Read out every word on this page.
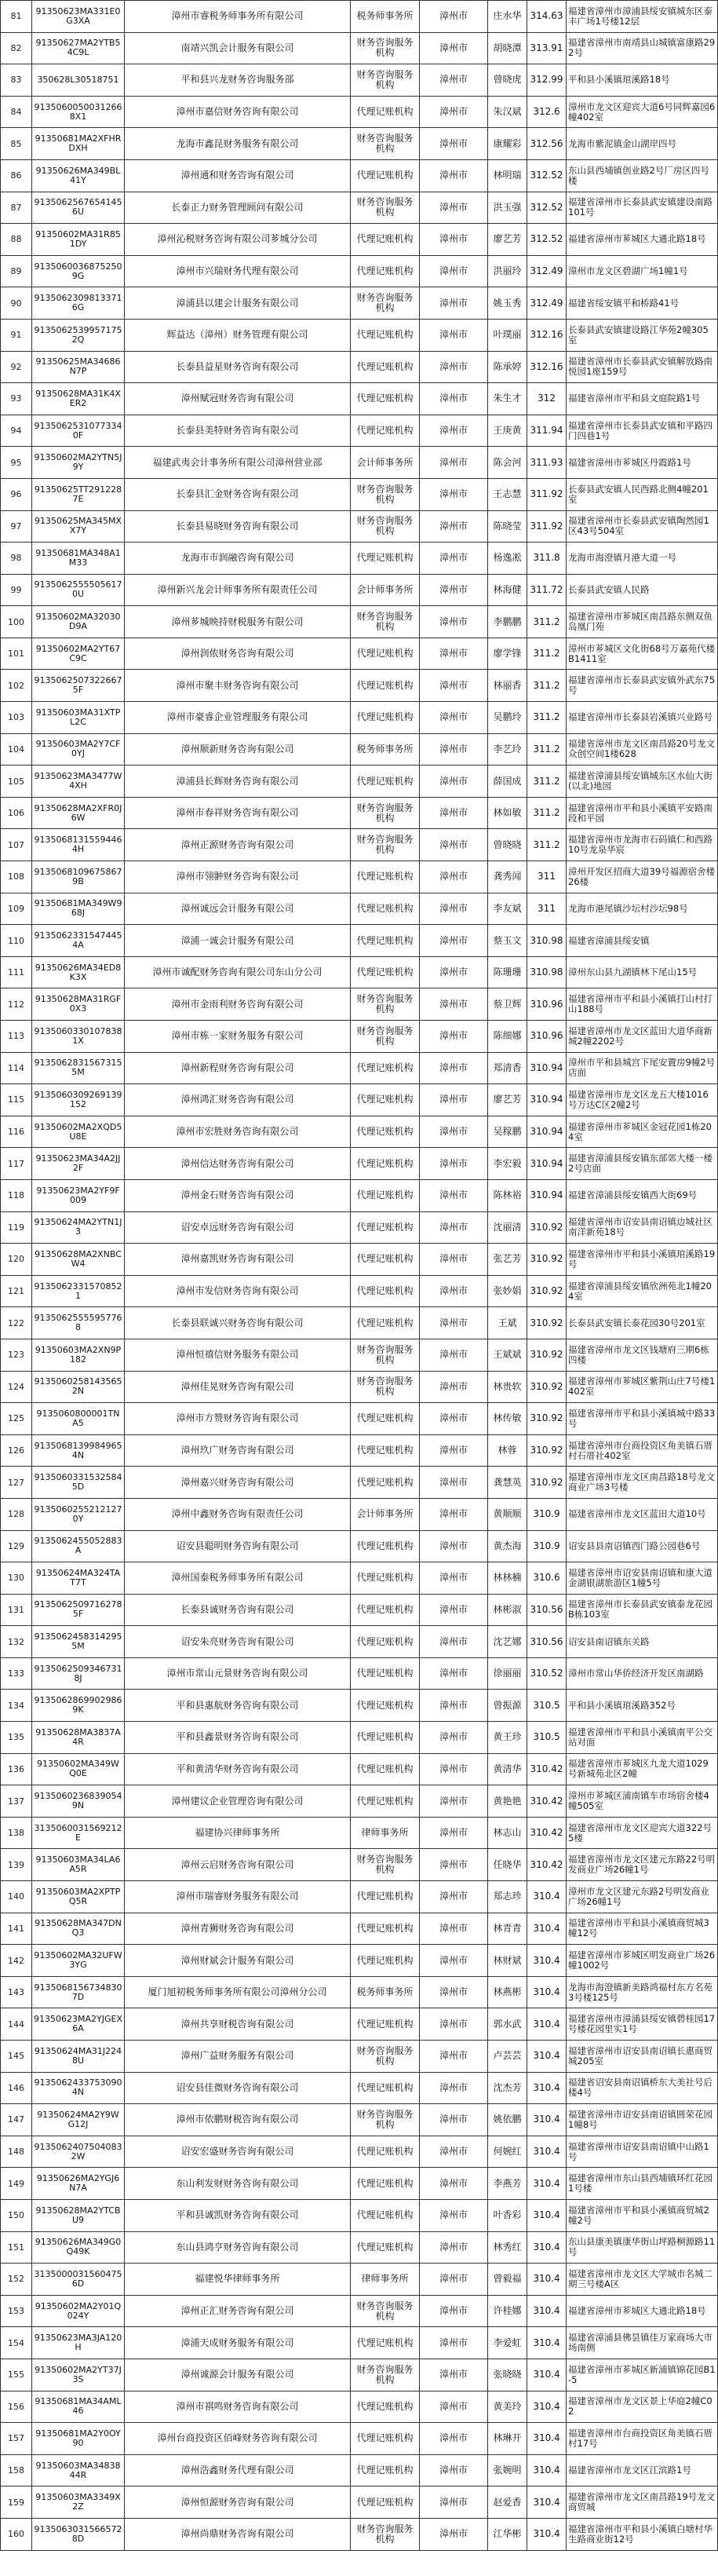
81	91350623MA331E0G3XA	漳州市睿税务师事务所有限公司	税务师事务所	漳州市	庄水华	314.63	福建省漳州市漳浦县绥安镇城东区泰丰广场1号楼12层
82	91350627MA2YTB54C9L	南靖兴凯会计服务有限公司	财务咨询服务机构	漳州市	胡晓潭	313.91	福建省漳州市南靖县山城镇富康路292号
83	350628L30518751	平和县兴龙财务咨询服务部	财务咨询服务机构	漳州市	曾晓虎	312.99	平和县小溪镇琯溪路18号
84	91350600500312668X1	漳州市嘉信财务咨询有限公司	代理记账机构	漳州市	朱汉斌	312.6	漳州市龙文区迎宾大道6号同辉嘉园6幢402室
85	91350681MA2XFHRDXH	龙海市鑫昆财务服务有限公司	财务咨询服务机构	漳州市	康耀彩	312.56	龙海市紫泥镇金山湖岸四号
86	91350626MA349BL41Y	漳州通和财务咨询有限公司	代理记账机构	漳州市	林明瑞	312.52	东山县西埔镇创业路2号厂房区四号楼
87	91350625676541456U	长泰正力财务管理顾问有限公司	财务咨询服务机构	漳州市	洪玉强	312.52	福建省漳州市长泰县武安镇建设南路101号
88	91350602MA31R851DY	漳州沁税财务咨询有限公司芗城分公司	代理记账机构	漳州市	廖艺芳	312.52	福建省漳州市芗城区大通北路18号
89	91350600368752509G	漳州市兴瑞财务代理有限公司	代理记账机构	漳州市	洪丽玲	312.49	漳州市龙文区碧湖广场1幢1号
90	91350623098133716G	漳浦县以建会计服务有限公司	财务咨询服务机构	漳州市	姚玉秀	312.49	福建省绥安镇平和桥路41号
91	91350625399571752Q	辉益达（漳州）财务管理有限公司	代理记账机构	漳州市	叶璞丽	312.16	长泰县武安镇建设路江华苑2幢305室
92	91350625MA34686N7P	长泰县益星财务咨询有限公司	代理记账机构	漳州市	陈承婷	312.16	福建省漳州市长泰县武安镇解放路南悦园1座159号
93	91350628MA31K4XER2	漳州赋冠财务咨询有限公司	代理记账机构	漳州市	朱生才	312	福建省漳州市平和县文庭院路1号
94	91350625310773340F	长泰县美特财务咨询有限公司	代理记账机构	漳州市	王庚黄	311.94	福建省漳州市长泰县武安镇和平路四门四巷1号
95	91350602MA2YTN5J9Y	福建武夷会计事务所有限公司漳州营业部	会计师事务所	漳州市	陈会河	311.93	福建省漳州市芗城区丹霞路1号
96	91350625TT2912287E	长泰县汇金财务咨询有限公司	财务咨询服务机构	漳州市	王志慧	311.92	长泰县武安镇人民西路北侧4幢201室
97	91350625MA345MXX7Y	长泰县易晓财务咨询有限公司	财务咨询服务机构	漳州市	陈晓莹	311.92	福建省漳州市长泰县武安镇陶然园1区43号504室
98	91350681MA348A1M33	龙海市市润融咨询有限公司	代理记账机构	漳州市	杨逸凇	311.8	龙海市海澄镇月港大道一号
99	91350625555056170U	漳州新兴龙会计师事务所有限责任公司	会计师事务所	漳州市	林海健	311.72	长泰县武安镇人民路
100	91350602MA32030D9A	漳州芗城映持财税服务有限公司	财务咨询服务机构	漳州市	李鹏鹏	311.2	福建省漳州市芗城区南昌路东侧双鱼岛凰门苑
101	91350602MA2YT67C9C	漳州润侬财务咨询有限公司	代理记账机构	漳州市	廖学锋	311.2	漳州市芗城区文化街68号万嘉苑代楼B1411室
102	91350625073226675F	漳州市聚丰财务咨询有限公司	代理记账机构	漳州市	林丽香	311.2	福建省漳州市长泰县武安镇外武东75号
103	91350603MA31XTPL2C	漳州市豪睿企业管理服务有限公司	代理记账机构	漳州市	吴鹏玲	311.2	福建省漳州市长泰县岩溪镇兴业路号
104	91350603MA2Y7CF0YJ	漳州顺新财务咨询有限公司	税务师事务所	漳州市	李艺玲	311.2	福建省漳州市龙文区南昌路20号龙文众创空间1楼628
105	91350623MA3477W4XH	漳浦县长辉财务咨询有限公司	代理记账机构	漳州市	薛国成	311.2	福建省漳浦县绥安镇城东区水仙大街(以北)地园
106	91350628MA2XFR0J6W	漳州市春祥财务咨询有限公司	财务咨询服务机构	漳州市	林如敏	311.2	福建省漳州市平和县小溪镇平安路南段和平园
107	91350681315594464H	漳州正源财务咨询有限公司	财务咨询服务机构	漳州市	曾晓晓	311.2	福建省漳州市龙海市石码镇仁和西路10号龙泉华宸
108	91350681096758679B	漳州市翎翀财务咨询有限公司	代理记账机构	漳州市	龚秀闻	311	漳州开发区招商大道39号福源宿舍楼26楼
109	91350681MA349W968J	漳州诚远会计服务有限公司	代理记账机构	漳州市	李友斌	311	龙海市港尾镇沙坛村沙坛98号
110	91350623315474454A	漳浦一诚会计服务有限公司	代理记账机构	漳州市	蔡玉文	310.98	福建省漳浦县绥安镇
111	91350626MA34ED8K3X	漳州市诚配财务咨询有限公司东山分公司	代理记账机构	漳州市	陈珊珊	310.98	漳州东山县九湖镇林下尾山15号
112	91350628MA31RGF0X3	漳州市金雨利财务咨询有限公司	财务咨询服务机构	漳州市	蔡卫辉	310.96	福建省漳州市平和县小溪镇打山村打山188号
113	91350603301078381X	漳州市栋一家财务服务有限公司	财务咨询服务机构	漳州市	陈细娜	310.96	福建省漳州市龙文区蓝田大道华商新城2幢2202号
114	91350628315673155M	漳州新程财务咨询有限公司	代理记账机构	漳州市	郑清香	310.94	漳州市平和县城宫下尾安置房9幢2号店面
115	9135060309269139152	漳州鸿汇财务咨询有限公司	代理记账机构	漳州市	廖艺芳	310.94	福建省漳州市龙文区龙五大楼1016号万达C区2幢2号
116	91350602MA2XQD5U8E	漳州市宏胜财务咨询有限公司	代理记账机构	漳州市	吴稼鹏	310.94	福建省漳州市芗城区金冠花园1栋204室
117	91350623MA34A2JJ2F	漳州信达财务咨询有限公司	代理记账机构	漳州市	李宏毅	310.94	福建省漳浦县绥安镇东部郊大楼一楼2号店面
118	91350623MA2YF9F009	漳州金石财务咨询有限公司	代理记账机构	漳州市	陈林裕	310.94	福建省漳浦县绥安镇西大街69号
119	91350624MA2YTN1J3	诏安卓远财务咨询有限公司	代理记账机构	漳州市	沈丽清	310.92	福建省漳州市诏安县南诏镇边城社区南洋新苑18号
120	91350628MA2XNBCW4	漳州嘉凯财务咨询有限公司	代理记账机构	漳州市	张艺芳	310.92	福建省漳州市平和县小溪镇琯溪路19号
121	91350623315708521	漳州市发信财务咨询有限公司	代理记账机构	漳州市	张妙娟	310.92	福建省漳浦县绥安镇欣洲苑北1幢204室
122	91350625555957768	长泰县联诚兴财务咨询有限公司	代理记账机构	漳州市	王斌	310.92	长泰县武安镇长泰花园30号201室
123	91350603MA2XN9P182	漳州恒禧信财务服务有限公司	财务咨询服务机构	漳州市	王斌斌	310.92	福建省漳州市龙文区钱塘府三期6栋四楼
124	91350602581435652N	漳州佳晃财务咨询有限公司	财务咨询服务机构	漳州市	林贵软	310.92	福建省漳州市芗城区紫荆山庄7号楼1402室
125	9135060800001TNA5	漳州市方赞财务咨询有限公司	代理记账机构	漳州市	林传敏	310.92	福建省漳州市平和县小溪镇城中路33号
126	91350681399849654N	漳州玖广财务咨询有限公司	代理记账机构	漳州市	林蓉	310.92	福建省漳州市台商投资区角美镇石厝村石厝社402室
127	91350603315325845D	漳州嘉兴财务咨询有限公司	代理记账机构	漳州市	龚慧英	310.92	福建省漳州市龙文区南昌路18号龙文商业广场3号楼
128	91350602552121270Y	漳州中鑫财务咨询有限责任公司	会计师事务所	漳州市	黄顺顺	310.9	福建省漳州市龙文区蓝田大道10号
129	9135062455052883A	诏安县聪明财务咨询有限公司	代理记账机构	漳州市	黄杰海	310.9	诏安县县南诏镇西门路公园巷6号
130	91350624MA324TAT7T	漳州国泰税务师事务所有限公司	代理记账机构	漳州市	林林楠	310.6	福建省漳州市诏安县南诏镇和康大道金湖银湖旅游区1幢5号
131	91350625097162785F	长泰县诚财务咨询有限公司	代理记账机构	漳州市	林彬淑	310.56	福建省漳州市长泰县武安镇泰龙花园B栋103室
132	91350624583142955M	诏安朱亮财务咨询有限公司	代理记账机构	漳州市	沈艺娜	310.56	诏安县南诏镇东关路
133	91350625093467318J	漳州市常山元景财务咨询有限公司	代理记账机构	漳州市	徐丽丽	310.52	漳州市常山华侨经济开发区南湖路
134	91350628699029869K	平和县惠航财务咨询有限公司	代理记账机构	漳州市	曾振源	310.5	平和县小溪镇琯溪路352号
135	91350628MA3837A4R	平和县鑫景财务咨询有限公司	代理记账机构	漳州市	黄王珍	310.5	福建省漳州市平和县小溪镇南平公交站对面
136	91350602MA349WQ0E	平和黄清华财务咨询有限公司	代理记账机构	漳州市	黄清华	310.42	福建省漳州市芗城区九龙大道1029号新城苑北区2幢
137	91350602368390549N	漳州建议企业管理咨询有限公司	代理记账机构	漳州市	黄艳艳	310.42	漳州市芗城区浦南镇车市场宿舍楼4幢505室
138	3135060031569212E	福建协兴律师事务所	律师事务所	漳州市	林志山	310.42	福建省漳州市龙文区迎宾大道322号5楼
139	91350603MA34LA6A5R	漳州云启财务咨询有限公司	财务咨询服务机构	漳州市	任晓华	310.42	福建省漳州市龙文区建元东路22号明发商业广场26幢1号
140	91350603MA2XPTPQ5R	漳州市瑞睿财务服务有限公司	代理记账机构	漳州市	郑志珍	310.4	漳州市龙文区建元东路2号明发商业广场26幢1号
141	91350628MA347DNQ3	漳州青狮财务咨询有限公司	代理记账机构	漳州市	林青青	310.4	福建省漳州市平和县小溪镇商贸城3幢12号
142	91350602MA32UFW3YG	漳州财斌会计服务有限公司	代理记账机构	漳州市	林财斌	310.4	福建省漳州市芗城区明发商业广场26幢1002号
143	91350681567348307D	厦门旭初税务师事务所有限公司漳州分公司	税务师事务所	漳州市	林燕彬	310.4	龙海市海澄镇新美路鸿福村东方名苑3号楼125号
144	91350623MA2YJGEX6A	漳州共享财税咨询有限公司	代理记账机构	漳州市	郭水武	310.4	福建省漳州市漳浦县绥安镇碧桂园17号楼花园里实1号
145	91350624MA31J2248U	漳州广益财务服务有限公司	财务咨询服务机构	漳州市	卢芸芸	310.4	福建省漳州市诏安县南诏镇长惠商贸城205室
146	91350624337530904N	诏安县佳微财务咨询有限公司	代理记账机构	漳州市	沈杰芳	310.4	福建省诏安县南诏镇桥东大美社号后楼4号
147	91350624MA2Y9WG12J	漳州市依鹏财税咨询有限公司	财务咨询服务机构	漳州市	姚依鹏	310.4	福建省漳州市诏安县南诏镇圆荣花园1幢8号
148	91350624075040832W	诏安宏盛财务咨询有限公司	代理记账机构	漳州市	何婉红	310.4	福建省漳州市诏安县南诏镇中山路1号
149	91350626MA2YGJ6N7A	东山利发财财务咨询有限公司	代理记账机构	漳州市	李燕芳	310.4	福建省漳州市东山县西埔镇环红花园1号楼
150	91350628MA2YTCBU9	平和县诚凯财务咨询有限公司	代理记账机构	漳州市	叶香彩	310.4	福建省漳州市平和县小溪镇商贸城2幢2号
151	91350626MA349G0Q49K	东山县鸿亨财务咨询有限公司	代理记账机构	漳州市	林秀红	310.4	东山县康美镇康华街山坪路桐源路11号
152	31350000315604756D	福建悦华律师事务所	律师事务所	漳州市	曾毅福	310.4	福建省漳州市龙文区大学城市名城二期三号楼A区
153	91350602MA2Y01Q024Y	漳州正汇财务咨询有限公司	财务咨询服务机构	漳州市	许桂娜	310.4	福建省漳州市芗城区大通北路18号
154	91350623MA3JA120H	漳浦天成财务服务有限公司	代理记账机构	漳州市	李爱虹	310.4	福建省漳浦县佛昙镇佳万家商场大市场南侧
155	91350602MA2YT37J3S	漳州诚源会计服务有限公司	财务咨询服务机构	漳州市	张晓晓	310.4	福建省漳州市芗城区新浦镇锦花园B1-5
156	91350681MA34AML46	漳州市祺鸣财务咨询有限公司	代理记账机构	漳州市	黄美玲	310.4	福建省漳州市龙文区景上华庭2幢C02
157	91350681MA2Y0OY90	漳州台商投资区佰峰财务咨询有限公司	代理记账机构	漳州市	林琳开	310.4	福建省漳州市台商投资区角美镇石厝村17号
158	91350603MA3483844R	漳州浩鑫财务代理有限公司	代理记账机构	漳州市	张婉明	310.4	福建省漳州市龙文区江滨路1号
159	91350603MA3349X2Z	漳州恒源财务咨询有限公司	代理记账机构	漳州市	赵爱香	310.4	福建省漳州市龙文区南昌路19号龙文商贸城
160	91350630315665728D	漳州尚鼎财务咨询有限公司	财务咨询服务机构	漳州市	江华彬	310.4	福建省漳州市平和县小溪镇白塘村华生路商业街12号
